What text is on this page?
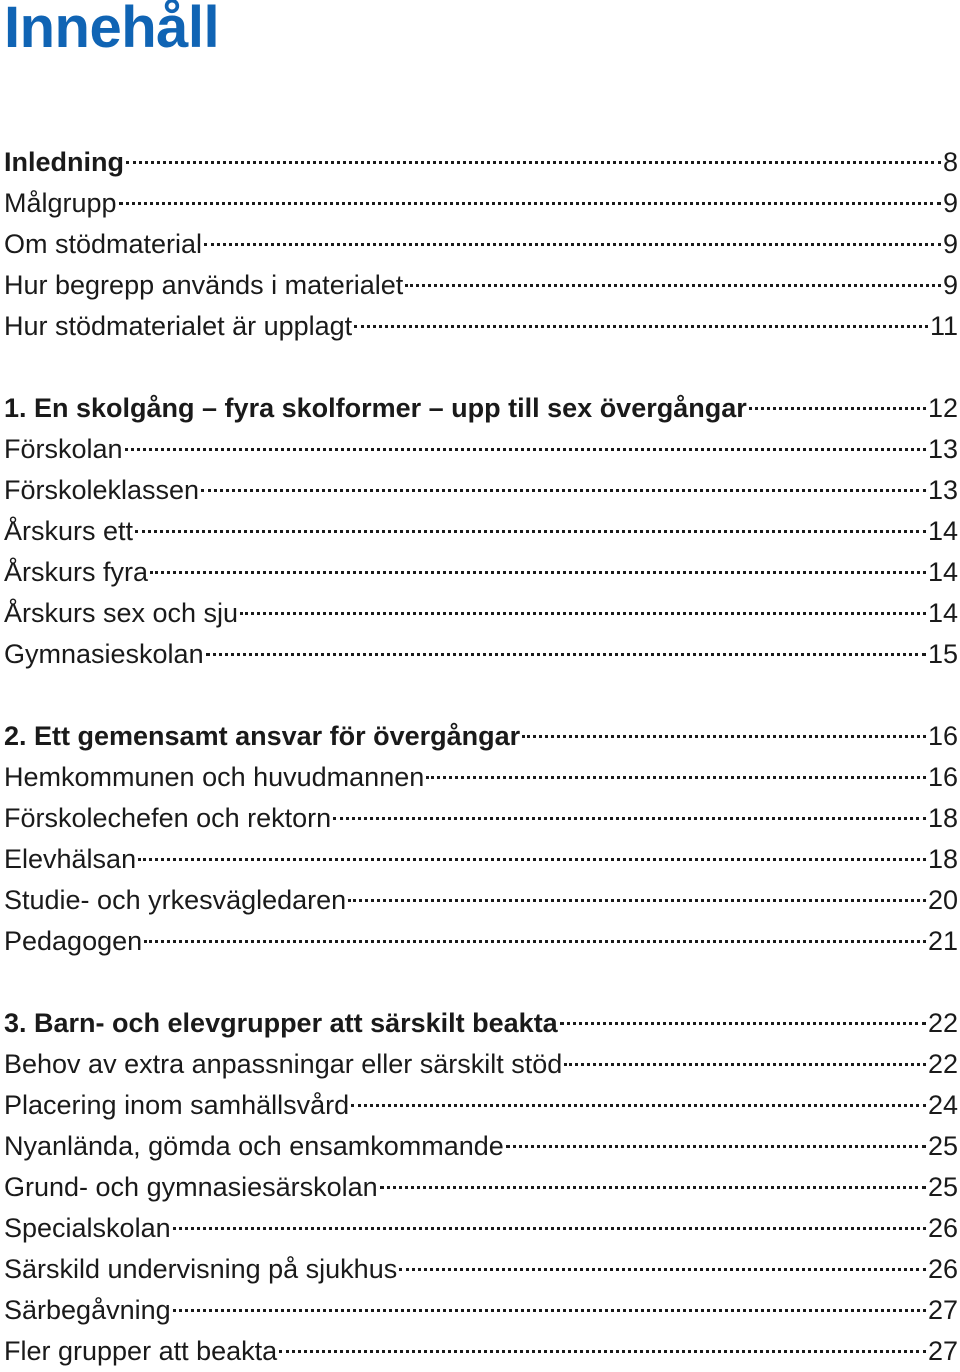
Innehåll
Inledning	8
Målgrupp	9
Om stödmaterial	9
Hur begrepp används i materialet	9
Hur stödmaterialet är upplagt	11
1. En skolgång – fyra skolformer – upp till sex övergångar	12
Förskolan	13
Förskoleklassen	13
Årskurs ett	14
Årskurs fyra	14
Årskurs sex och sju	14
Gymnasieskolan	15
2. Ett gemensamt ansvar för övergångar	16
Hemkommunen och huvudmannen	16
Förskolechefen och rektorn	18
Elevhälsan	18
Studie- och yrkesvägledaren	20
Pedagogen	21
3. Barn- och elevgrupper att särskilt beakta	22
Behov av extra anpassningar eller särskilt stöd	22
Placering inom samhällsvård	24
Nyanlända, gömda och ensamkommande	25
Grund- och gymnasiesärskolan	25
Specialskolan	26
Särskild undervisning på sjukhus	26
Särbegåvning	27
Fler grupper att beakta	27
